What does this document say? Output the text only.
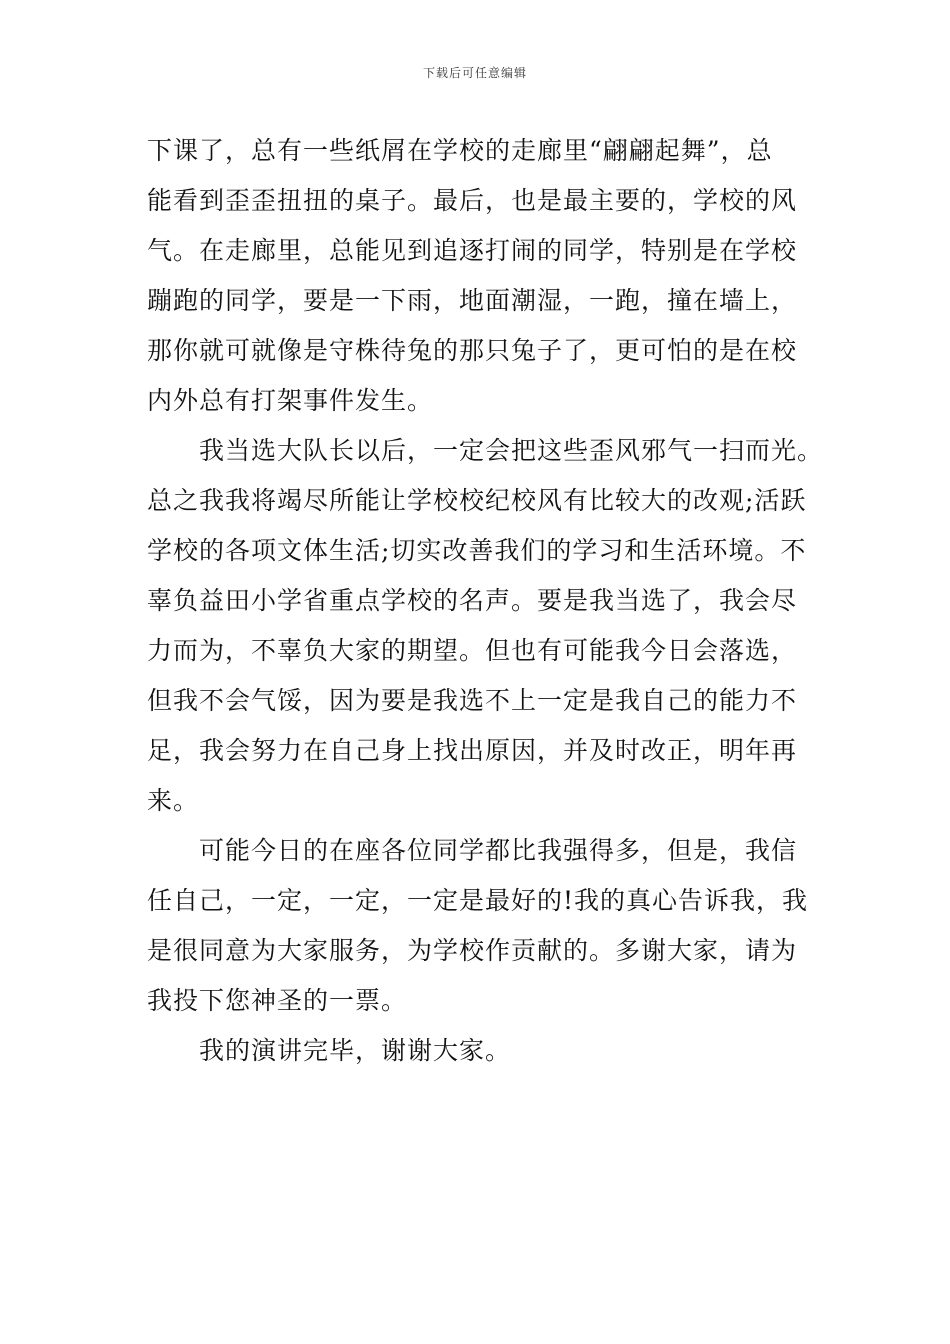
下载后可任意编辑
下课了，总有一些纸屑在学校的走廊里“翩翩起舞”，总
能看到歪歪扭扭的桌子。最后，也是最主要的，学校的风
气。在走廊里，总能见到追逐打闹的同学，特别是在学校
蹦跑的同学，要是一下雨，地面潮湿，一跑，撞在墙上，
那你就可就像是守株待兔的那只兔子了，更可怕的是在校
内外总有打架事件发生。
我当选大队长以后，一定会把这些歪风邪气一扫而光。
总之我我将竭尽所能让学校校纪校风有比较大的改观;活跃
学校的各项文体生活;切实改善我们的学习和生活环境。不
辜负益田小学省重点学校的名声。要是我当选了，我会尽
力而为，不辜负大家的期望。但也有可能我今日会落选，
但我不会气馁，因为要是我选不上一定是我自己的能力不
足，我会努力在自己身上找出原因，并及时改正，明年再
来。
可能今日的在座各位同学都比我强得多，但是，我信
任自己，一定，一定，一定是最好的!我的真心告诉我，我
是很同意为大家服务，为学校作贡献的。多谢大家，请为
我投下您神圣的一票。
我的演讲完毕，谢谢大家。
